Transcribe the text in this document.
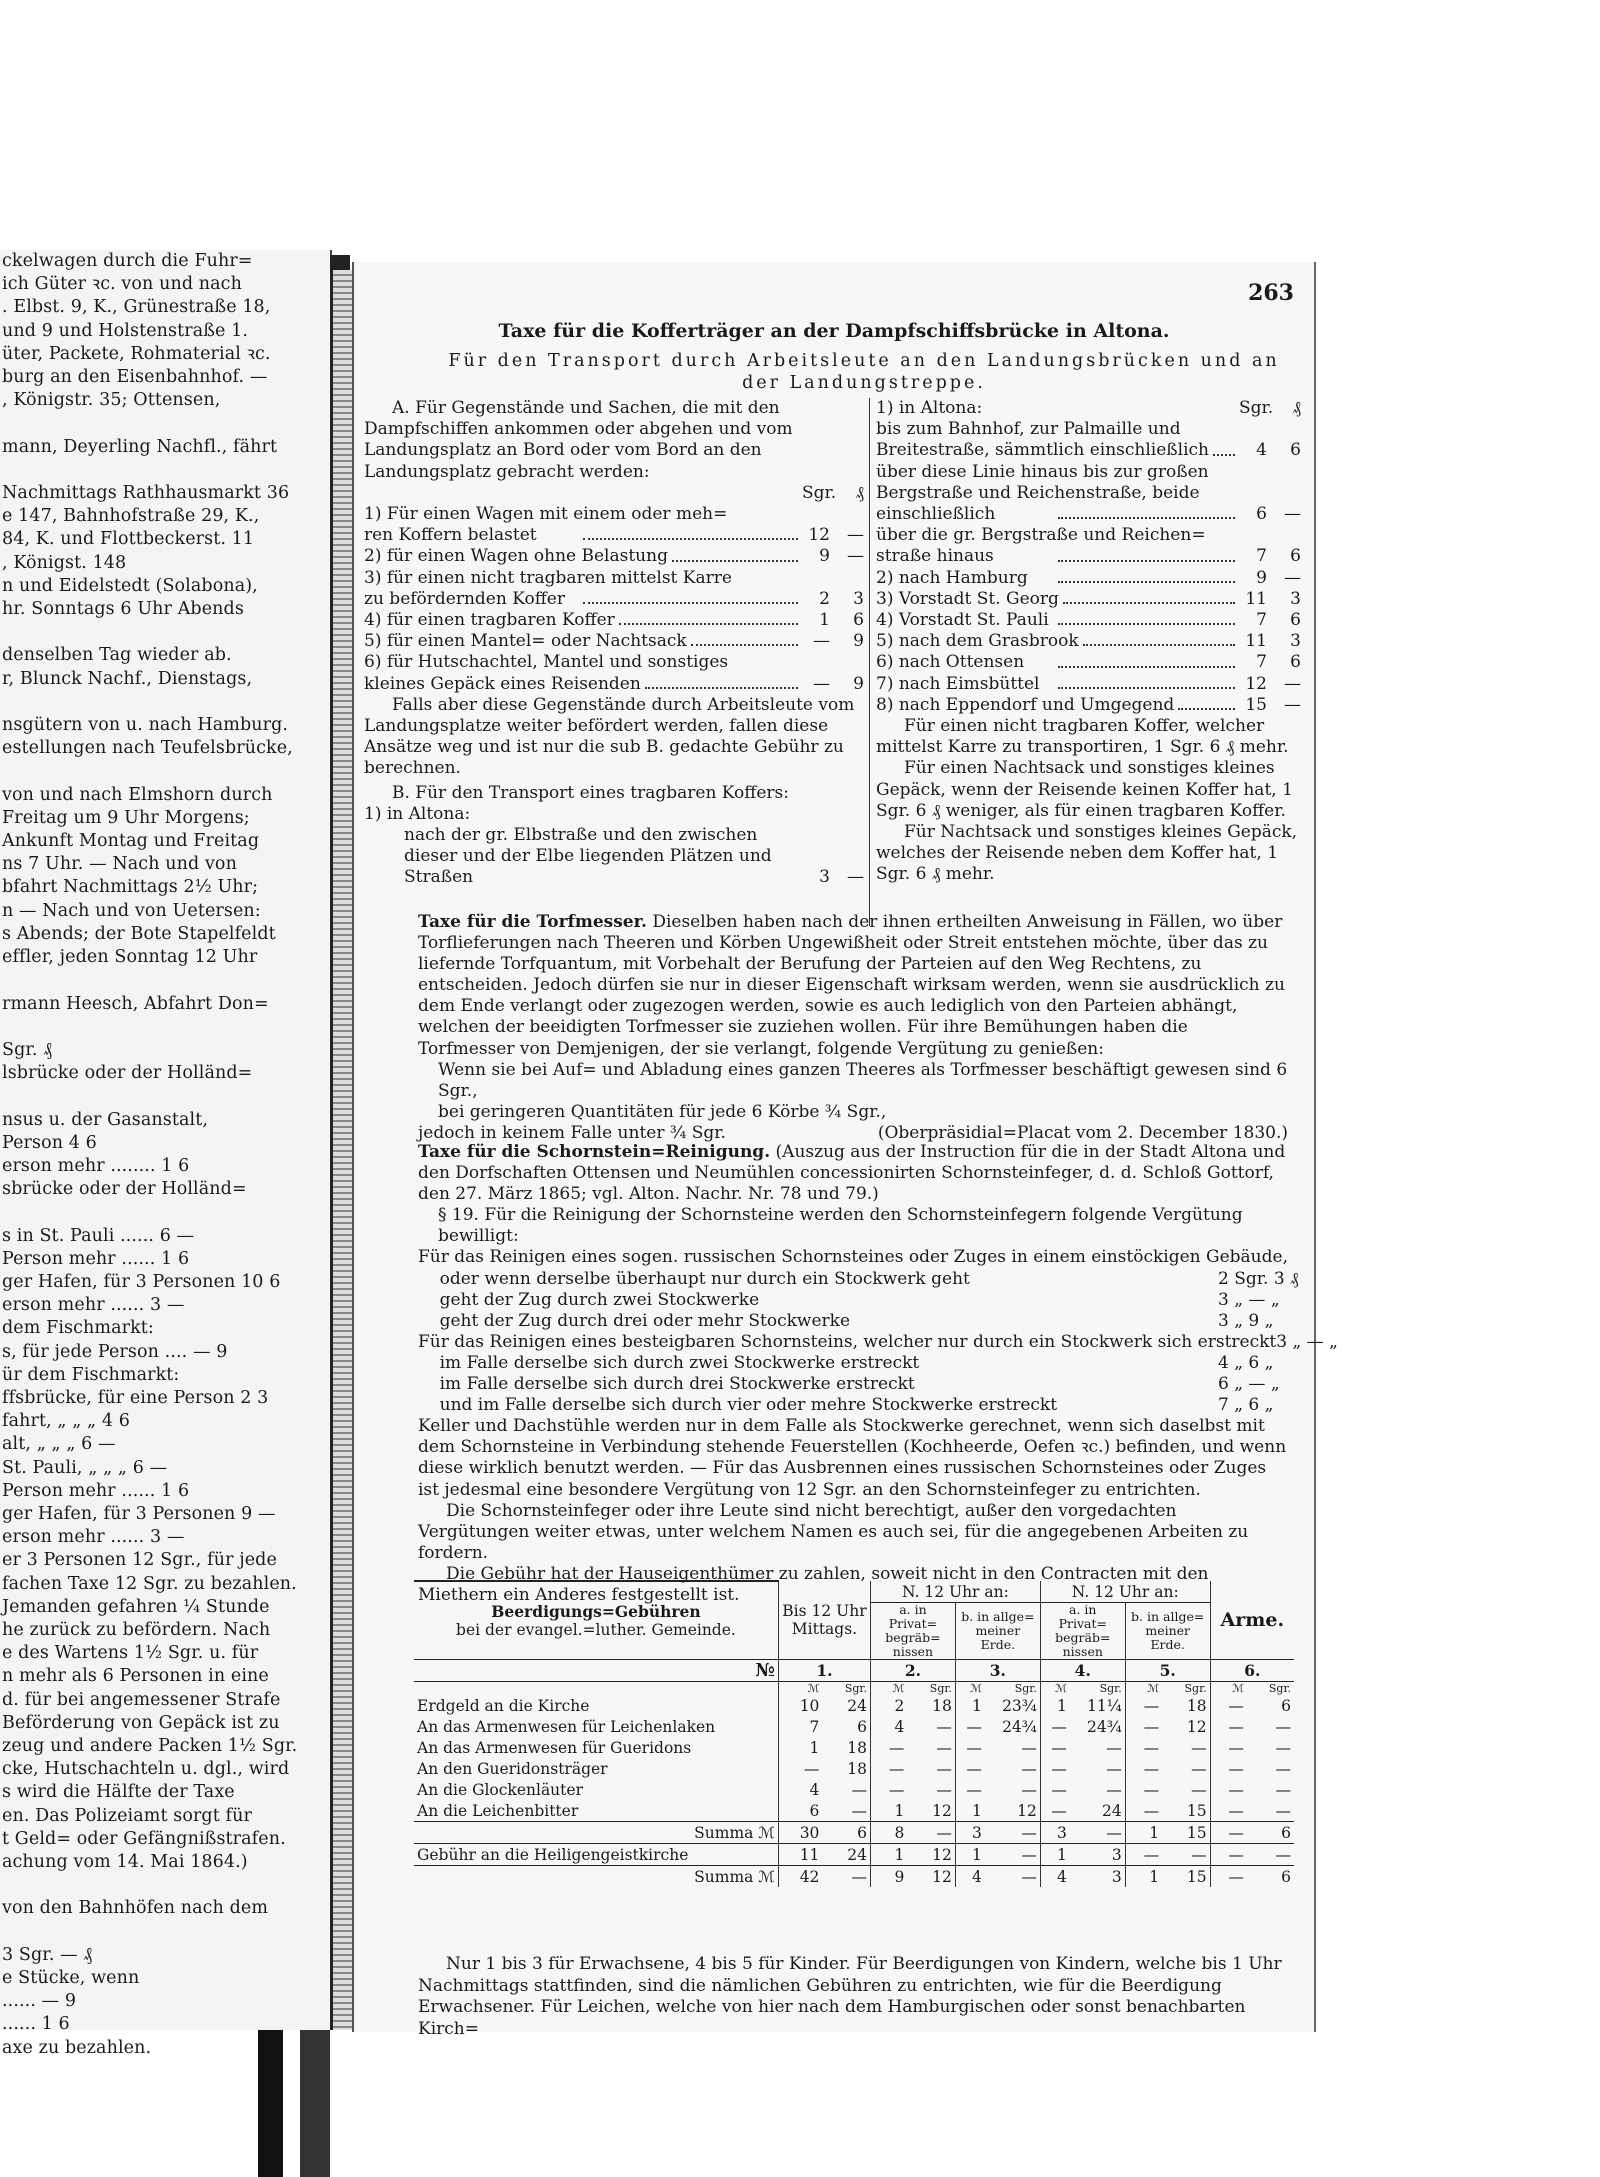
ckelwagen durch die Fuhr=
ich Güter ꝛc. von und nach
. Elbst. 9, K., Grünestraße 18,
und 9 und Holstenstraße 1.
üter, Packete, Rohmaterial ꝛc.
burg an den Eisenbahnhof. —
, Königstr. 35; Ottensen,

mann, Deyerling Nachfl., fährt

Nachmittags Rathhausmarkt 36
e 147, Bahnhofstraße 29, K.,
84, K. und Flottbeckerst. 11
, Königst. 148
n und Eidelstedt (Solabona),
hr. Sonntags 6 Uhr Abends

denselben Tag wieder ab.
r, Blunck Nachf., Dienstags,

nsgütern von u. nach Hamburg.
estellungen nach Teufelsbrücke,

von und nach Elmshorn durch
Freitag um 9 Uhr Morgens;
Ankunft Montag und Freitag
ns 7 Uhr. — Nach und von
bfahrt Nachmittags 2½ Uhr;
n — Nach und von Uetersen:
s Abends; der Bote Stapelfeldt
effler, jeden Sonntag 12 Uhr

rmann Heesch, Abfahrt Don=

Sgr. ₰
lsbrücke oder der Holländ=

nsus u. der Gasanstalt,
Person 4 6
erson mehr ........ 1 6
sbrücke oder der Holländ=

s in St. Pauli ...... 6 —
Person mehr ...... 1 6
ger Hafen, für 3 Personen 10 6
erson mehr ...... 3 —
dem Fischmarkt:
s, für jede Person .... — 9
ür dem Fischmarkt:
ffsbrücke, für eine Person 2 3
fahrt, „ „ „ 4 6
alt, „ „ „ 6 —
St. Pauli, „ „ „ 6 —
Person mehr ...... 1 6
ger Hafen, für 3 Personen 9 —
erson mehr ...... 3 —
er 3 Personen 12 Sgr., für jede
fachen Taxe 12 Sgr. zu bezahlen.
Jemanden gefahren ¼ Stunde
he zurück zu befördern. Nach
e des Wartens 1½ Sgr. u. für
n mehr als 6 Personen in eine
d. für bei angemessener Strafe
Beförderung von Gepäck ist zu
zeug und andere Packen 1½ Sgr.
cke, Hutschachteln u. dgl., wird
s wird die Hälfte der Taxe
en. Das Polizeiamt sorgt für
t Geld= oder Gefängnißstrafen.
achung vom 14. Mai 1864.)

von den Bahnhöfen nach dem

3 Sgr. — ₰
e Stücke, wenn
...... — 9
...... 1 6
axe zu bezahlen.
263
Taxe für die Kofferträger an der Dampfschiffsbrücke in Altona.
Für den Transport durch Arbeitsleute an den Landungsbrücken und an der Landungstreppe.
A. Für Gegenstände und Sachen, die mit den Dampfschiffen ankommen oder abgehen und vom Landungsplatz an Bord oder vom Bord an den Landungsplatz gebracht werden:
Sgr.	₰
1) Für einen Wagen mit einem oder meh=
ren Koffern belastet	12	—
2) für einen Wagen ohne Belastung	9	—
3) für einen nicht tragbaren mittelst Karre
zu befördernden Koffer	2	3
4) für einen tragbaren Koffer	1	6
5) für einen Mantel= oder Nachtsack	—	9
6) für Hutschachtel, Mantel und sonstiges
kleines Gepäck eines Reisenden	—	9
Falls aber diese Gegenstände durch Arbeitsleute vom Landungsplatze weiter befördert werden, fallen diese Ansätze weg und ist nur die sub B. gedachte Gebühr zu berechnen.
B. Für den Transport eines tragbaren Koffers:
1) in Altona:
nach der gr. Elbstraße und den zwischen dieser und der Elbe liegenden Plätzen und Straßen	3	—
1) in Altona:	Sgr.	₰
bis zum Bahnhof, zur Palmaille und
Breitestraße, sämmtlich einschließlich	4	6
über diese Linie hinaus bis zur großen
Bergstraße und Reichenstraße, beide
einschließlich	6	—
über die gr. Bergstraße und Reichen=
straße hinaus	7	6
2) nach Hamburg	9	—
3) Vorstadt St. Georg	11	3
4) Vorstadt St. Pauli	7	6
5) nach dem Grasbrook	11	3
6) nach Ottensen	7	6
7) nach Eimsbüttel	12	—
8) nach Eppendorf und Umgegend	15	—
Für einen nicht tragbaren Koffer, welcher mittelst Karre zu transportiren, 1 Sgr. 6 ₰ mehr.
Für einen Nachtsack und sonstiges kleines Gepäck, wenn der Reisende keinen Koffer hat, 1 Sgr. 6 ₰ weniger, als für einen tragbaren Koffer.
Für Nachtsack und sonstiges kleines Gepäck, welches der Reisende neben dem Koffer hat, 1 Sgr. 6 ₰ mehr.
Taxe für die Torfmesser. Dieselben haben nach der ihnen ertheilten Anweisung in Fällen, wo über Torflieferungen nach Theeren und Körben Ungewißheit oder Streit entstehen möchte, über das zu liefernde Torfquantum, mit Vorbehalt der Berufung der Parteien auf den Weg Rechtens, zu entscheiden. Jedoch dürfen sie nur in dieser Eigenschaft wirksam werden, wenn sie ausdrücklich zu dem Ende verlangt oder zugezogen werden, sowie es auch lediglich von den Parteien abhängt, welchen der beeidigten Torfmesser sie zuziehen wollen. Für ihre Bemühungen haben die Torfmesser von Demjenigen, der sie verlangt, folgende Vergütung zu genießen:
Wenn sie bei Auf= und Abladung eines ganzen Theeres als Torfmesser beschäftigt gewesen sind 6 Sgr.,
bei geringeren Quantitäten für jede 6 Körbe ¾ Sgr.,
jedoch in keinem Falle unter ¾ Sgr.	(Oberpräsidial=Placat vom 2. December 1830.)
Taxe für die Schornstein=Reinigung. (Auszug aus der Instruction für die in der Stadt Altona und den Dorfschaften Ottensen und Neumühlen concessionirten Schornsteinfeger, d. d. Schloß Gottorf, den 27. März 1865; vgl. Alton. Nachr. Nr. 78 und 79.)
§ 19. Für die Reinigung der Schornsteine werden den Schornsteinfegern folgende Vergütung bewilligt:
Für das Reinigen eines sogen. russischen Schornsteines oder Zuges in einem einstöckigen Gebäude,
oder wenn derselbe überhaupt nur durch ein Stockwerk geht	2 Sgr. 3 ₰
geht der Zug durch zwei Stockwerke	3 „ — „
geht der Zug durch drei oder mehr Stockwerke	3 „ 9 „
Für das Reinigen eines besteigbaren Schornsteins, welcher nur durch ein Stockwerk sich erstreckt 3 „ — „
im Falle derselbe sich durch zwei Stockwerke erstreckt	4 „ 6 „
im Falle derselbe sich durch drei Stockwerke erstreckt	6 „ — „
und im Falle derselbe sich durch vier oder mehre Stockwerke erstreckt	7 „ 6 „
Keller und Dachstühle werden nur in dem Falle als Stockwerke gerechnet, wenn sich daselbst mit dem Schornsteine in Verbindung stehende Feuerstellen (Kochheerde, Oefen ꝛc.) befinden, und wenn diese wirklich benutzt werden. — Für das Ausbrennen eines russischen Schornsteines oder Zuges ist jedesmal eine besondere Vergütung von 12 Sgr. an den Schornsteinfeger zu entrichten.
Die Schornsteinfeger oder ihre Leute sind nicht berechtigt, außer den vorgedachten Vergütungen weiter etwas, unter welchem Namen es auch sei, für die angegebenen Arbeiten zu fordern.
Die Gebühr hat der Hauseigenthümer zu zahlen, soweit nicht in den Contracten mit den Miethern ein Anderes festgestellt ist.
Beerdigungs=Gebühren
bei der evangel.=luther. Gemeinde.	Bis 12 Uhr Mittags.		N. 12 Uhr an:				N. 12 Uhr an:				Arme.	
			a. in Privat= begräb= nissen		b. in allge= meiner Erde.		a. in Privat= begräb= nissen		b. in allge= meiner Erde.			
№	1.		2.		3.		4.		5.		6.	
	ℳ	Sgr.	ℳ	Sgr.	ℳ	Sgr.	ℳ	Sgr.	ℳ	Sgr.	ℳ	Sgr.
Erdgeld an die Kirche	10	24	2	18	1	23¾	1	11¼	—	18	—	6
An das Armenwesen für Leichenlaken	7	6	4	—	—	24¾	—	24¾	—	12	—	—
An das Armenwesen für Gueridons	1	18	—	—	—	—	—	—	—	—	—	—
An den Gueridonsträger	—	18	—	—	—	—	—	—	—	—	—	—
An die Glockenläuter	4	—	—	—	—	—	—	—	—	—	—	—
An die Leichenbitter	6	—	1	12	1	12	—	24	—	15	—	—
Summa ℳ	30	6	8	—	3	—	3	—	1	15	—	6
Gebühr an die Heiligengeistkirche	11	24	1	12	1	—	1	3	—	—	—	—
Summa ℳ	42	—	9	12	4	—	4	3	1	15	—	6
Nur 1 bis 3 für Erwachsene, 4 bis 5 für Kinder. Für Beerdigungen von Kindern, welche bis 1 Uhr Nachmittags stattfinden, sind die nämlichen Gebühren zu entrichten, wie für die Beerdigung Erwachsener. Für Leichen, welche von hier nach dem Hamburgischen oder sonst benachbarten Kirch=
